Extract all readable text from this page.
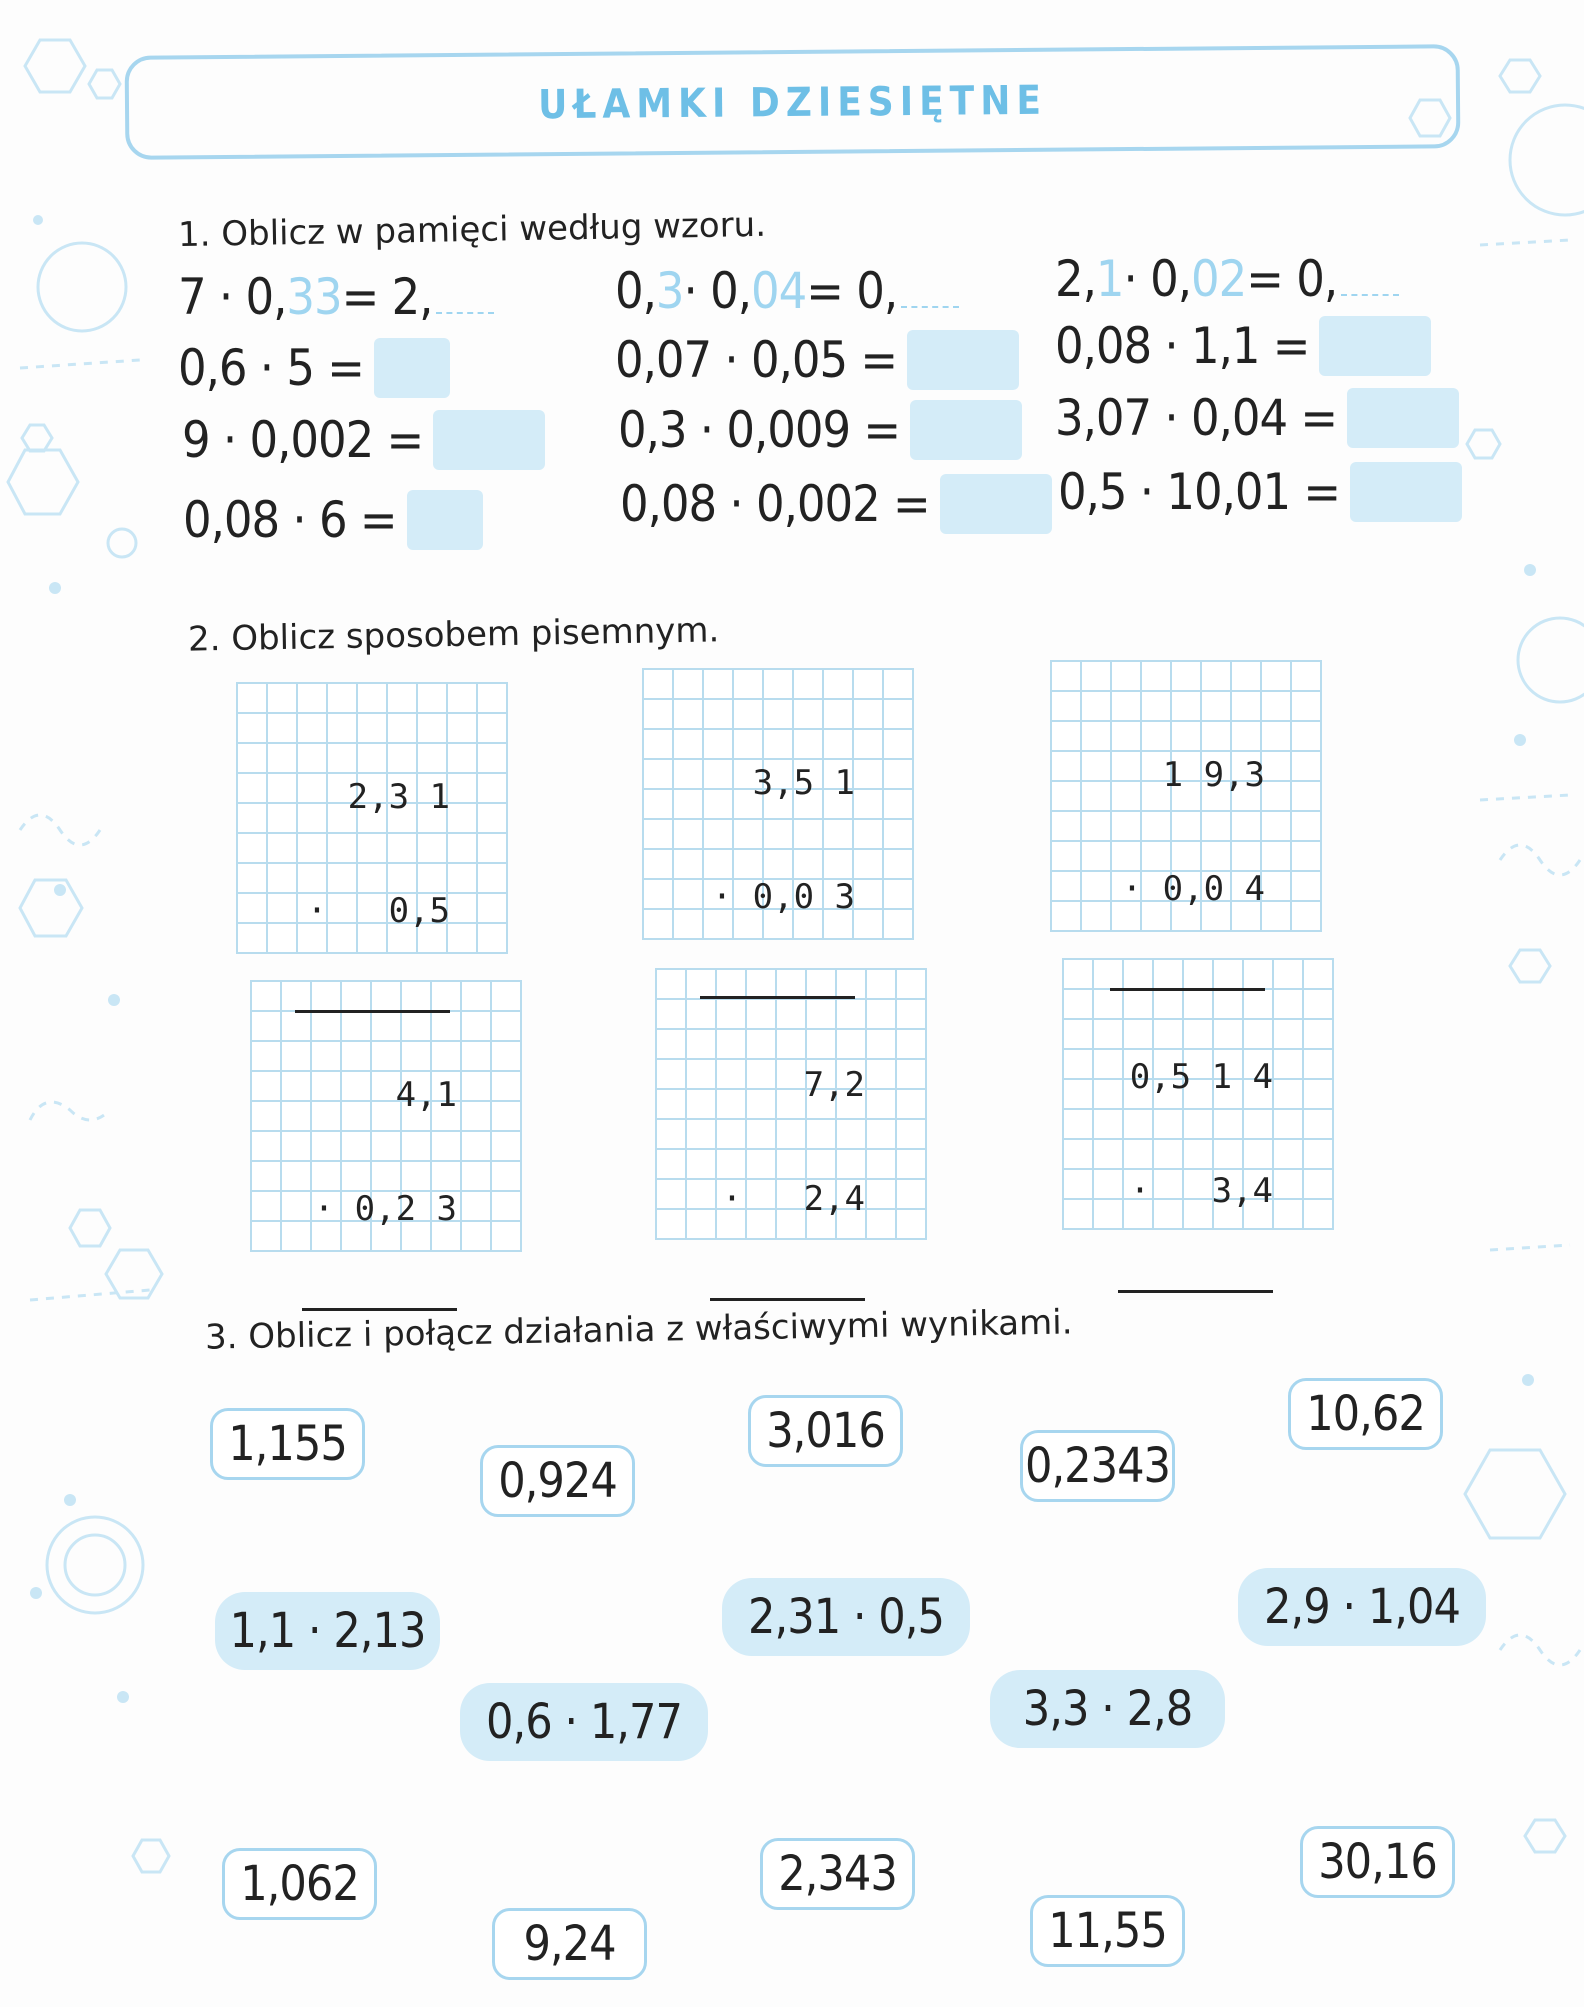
UŁAMKI DZIESIĘTNE
1. Oblicz w pamięci według wzoru.
7 · 0, 33 = 2,	0, 3 · 0, 04 = 0,	2, 1 · 0, 02 = 0,
0,6 · 5 =
9 · 0,002 =
0,08 · 6 =
0,07 · 0,05 =
0,3 · 0,009 =
0,08 · 0,002 =
0,08 · 1,1 =
3,07 · 0,04 =
0,5 · 10,01 =
2. Oblicz sposobem pisemnym.

2,3 1

·   0,5

3,5 1

· 0,0 3

1 9,3

· 0,0 4

4,1

· 0,2 3

7,2

·   2,4

0,5 1 4

·   3,4

3. Oblicz i połącz działania z właściwymi wynikami.
1,155
0,924
3,016
0,2343
10,62
1,1 · 2,13	2,31 · 0,5	2,9 · 1,04
0,6 · 1,77	3,3 · 2,8
1,062
9,24
2,343
11,55
30,16
